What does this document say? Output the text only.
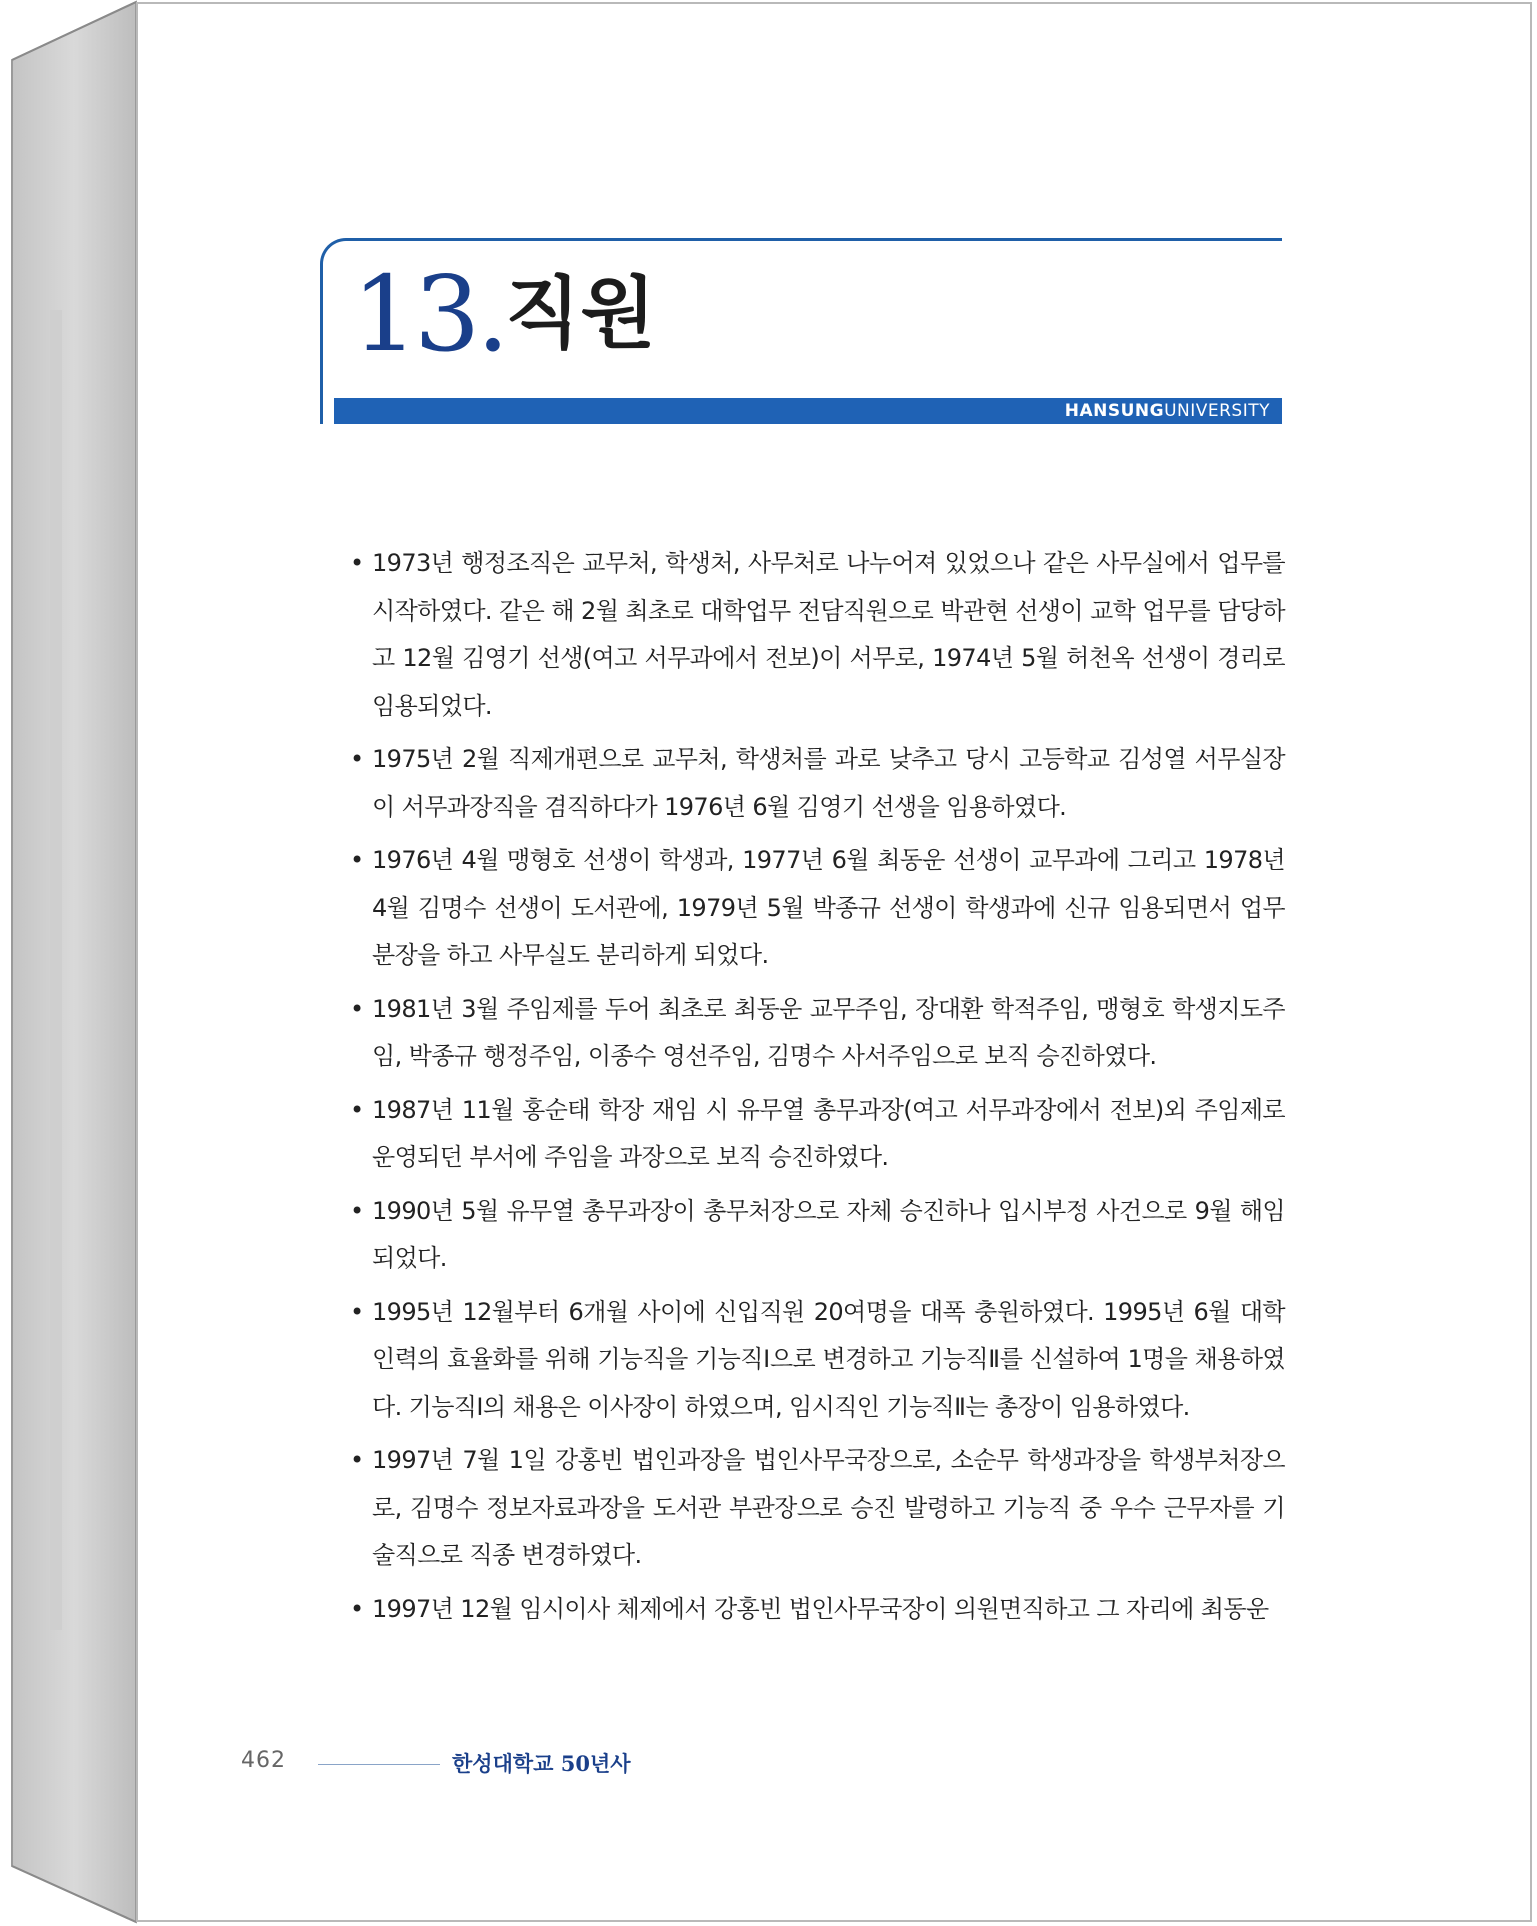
13. 직원
HANSUNGUNIVERSITY
• 1973년 행정조직은 교무처, 학생처, 사무처로 나누어져 있었으나 같은 사무실에서 업무를 시작하였다. 같은 해 2월 최초로 대학업무 전담직원으로 박관현 선생이 교학 업무를 담당하고 12월 김영기 선생(여고 서무과에서 전보)이 서무로, 1974년 5월 허천옥 선생이 경리로 임용되었다.
• 1975년 2월 직제개편으로 교무처, 학생처를 과로 낮추고 당시 고등학교 김성열 서무실장이 서무과장직을 겸직하다가 1976년 6월 김영기 선생을 임용하였다.
• 1976년 4월 맹형호 선생이 학생과, 1977년 6월 최동운 선생이 교무과에 그리고 1978년 4월 김명수 선생이 도서관에, 1979년 5월 박종규 선생이 학생과에 신규 임용되면서 업무분장을 하고 사무실도 분리하게 되었다.
• 1981년 3월 주임제를 두어 최초로 최동운 교무주임, 장대환 학적주임, 맹형호 학생지도주임, 박종규 행정주임, 이종수 영선주임, 김명수 사서주임으로 보직 승진하였다.
• 1987년 11월 홍순태 학장 재임 시 유무열 총무과장(여고 서무과장에서 전보)외 주임제로 운영되던 부서에 주임을 과장으로 보직 승진하였다.
• 1990년 5월 유무열 총무과장이 총무처장으로 자체 승진하나 입시부정 사건으로 9월 해임되었다.
• 1995년 12월부터 6개월 사이에 신입직원 20여명을 대폭 충원하였다. 1995년 6월 대학인력의 효율화를 위해 기능직을 기능직Ⅰ으로 변경하고 기능직Ⅱ를 신설하여 1명을 채용하였다. 기능직Ⅰ의 채용은 이사장이 하였으며, 임시직인 기능직Ⅱ는 총장이 임용하였다.
• 1997년 7월 1일 강홍빈 법인과장을 법인사무국장으로, 소순무 학생과장을 학생부처장으로, 김명수 정보자료과장을 도서관 부관장으로 승진 발령하고 기능직 중 우수 근무자를 기술직으로 직종 변경하였다.
• 1997년 12월 임시이사 체제에서 강홍빈 법인사무국장이 의원면직하고 그 자리에 최동운
462	한성대학교 50년사
